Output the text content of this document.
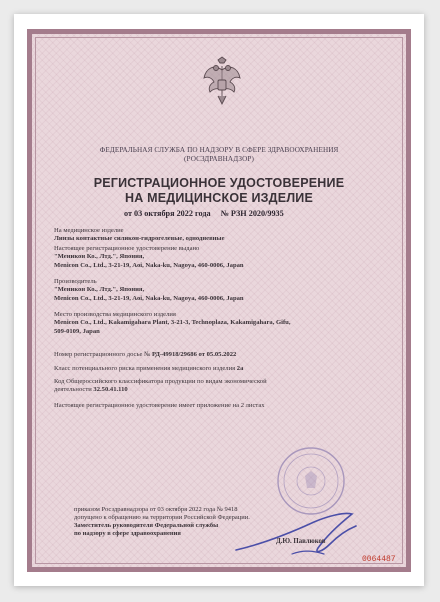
ФЕДЕРАЛЬНАЯ СЛУЖБА ПО НАДЗОРУ В СФЕРЕ ЗДРАВООХРАНЕНИЯ
(РОСЗДРАВНАДЗОР)
РЕГИСТРАЦИОННОЕ УДОСТОВЕРЕНИЕ
НА МЕДИЦИНСКОЕ ИЗДЕЛИЕ
от 03 октября 2022 года № РЗН 2020/9935
На медицинское изделие
Линзы контактные силикон-гидрогелевые, однодневные
Настоящее регистрационное удостоверение выдано
"Меникон Ко., Лтд.", Япония,
Menicon Co., Ltd., 3-21-19, Aoi, Naka-ku, Nagoya, 460-0006, Japan
Производитель
"Меникон Ко., Лтд.", Япония,
Menicon Co., Ltd., 3-21-19, Aoi, Naka-ku, Nagoya, 460-0006, Japan
Место производства медицинского изделия
Menicon Co., Ltd., Kakamigahara Plant, 3-21-3, Technoplaza, Kakamigahara, Gifu,
509-0109, Japan
Номер регистрационного досье № РД-49918/29686 от 05.05.2022
Класс потенциального риска применения медицинского изделия 2а
Код Общероссийского классификатора продукции по видам экономической
деятельности 32.50.41.110
Настоящее регистрационное удостоверение имеет приложение на 2 листах
приказом Росздравнадзора от 03 октября 2022 года № 9418
допущено к обращению на территории Российской Федерации.
Заместитель руководителя Федеральной службы
по надзору в сфере здравоохранения
Д.Ю. Павлюков
0064487
